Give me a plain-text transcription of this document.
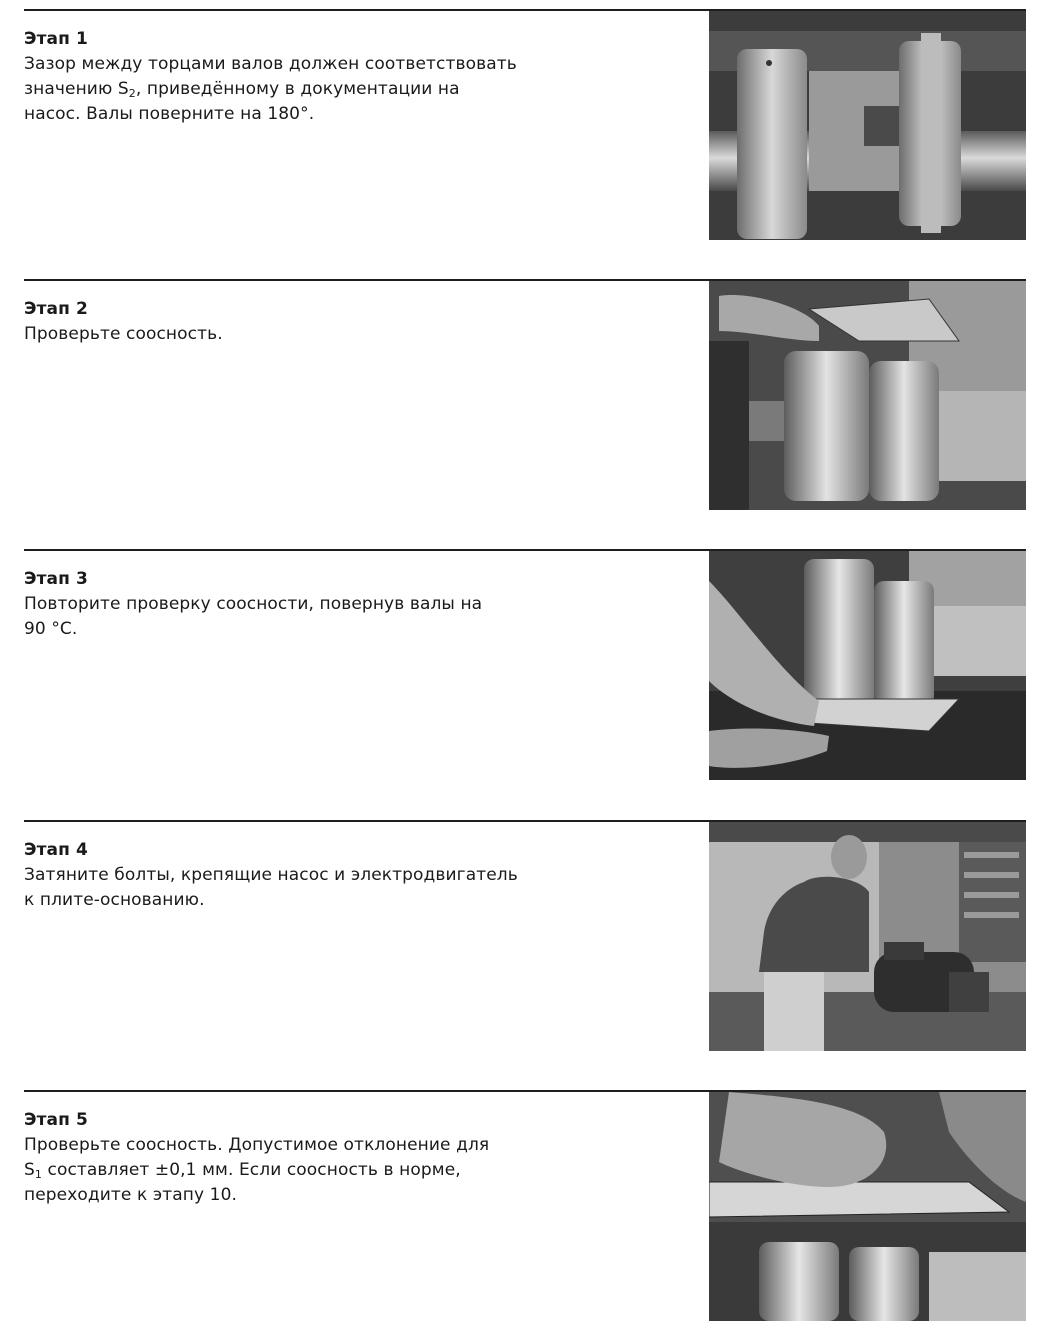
Этап 1
Зазор между торцами валов должен соответствовать
значению $S_2$, приведённому в документации на
насос. Валы поверните на 180°.
Этап 2
Проверьте соосность.
Этап 3
Повторите проверку соосности, повернув валы на
90 °С.
Этап 4
Затяните болты, крепящие насос и электродвигатель
к плите-основанию.
Этап 5
Проверьте соосность. Допустимое отклонение для
$S_1$ составляет ±0,1 мм. Если соосность в норме,
переходите к этапу 10.
